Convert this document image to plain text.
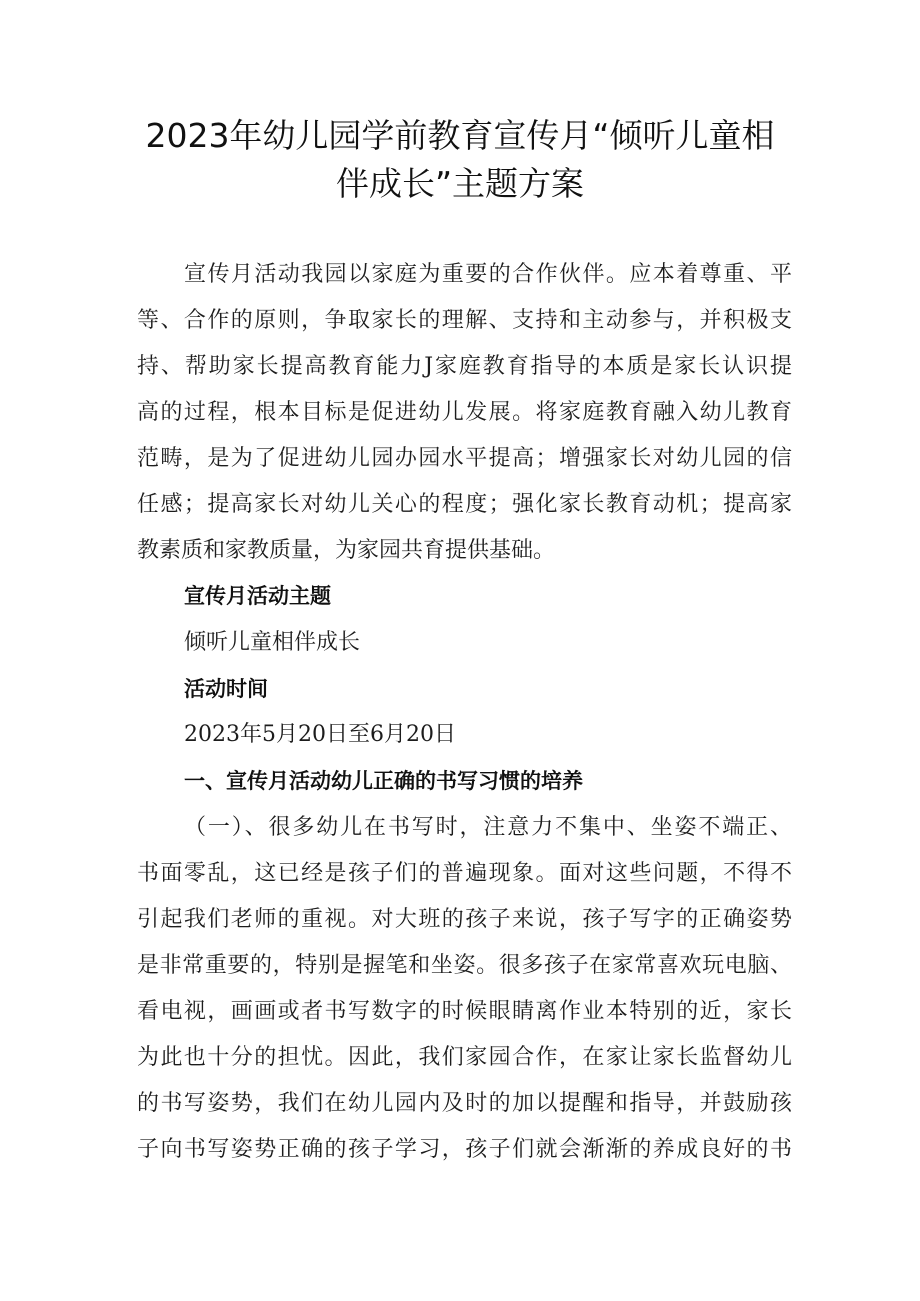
2023年幼儿园学前教育宣传月“倾听儿童相
伴成长”主题方案
宣传月活动我园以家庭为重要的合作伙伴。应本着尊重、平
等、合作的原则，争取家长的理解、支持和主动参与，并积极支
持、帮助家长提高教育能力J家庭教育指导的本质是家长认识提
高的过程，根本目标是促进幼儿发展。将家庭教育融入幼儿教育
范畴，是为了促进幼儿园办园水平提高；增强家长对幼儿园的信
任感；提高家长对幼儿关心的程度；强化家长教育动机；提高家
教素质和家教质量，为家园共育提供基础。
宣传月活动主题
倾听儿童相伴成长
活动时间
2023年5月20日至6月20日
一、宣传月活动幼儿正确的书写习惯的培养
（一）、很多幼儿在书写时，注意力不集中、坐姿不端正、
书面零乱，这已经是孩子们的普遍现象。面对这些问题，不得不
引起我们老师的重视。对大班的孩子来说，孩子写字的正确姿势
是非常重要的，特别是握笔和坐姿。很多孩子在家常喜欢玩电脑、
看电视，画画或者书写数字的时候眼睛离作业本特别的近，家长
为此也十分的担忧。因此，我们家园合作，在家让家长监督幼儿
的书写姿势，我们在幼儿园内及时的加以提醒和指导，并鼓励孩
子向书写姿势正确的孩子学习，孩子们就会渐渐的养成良好的书
